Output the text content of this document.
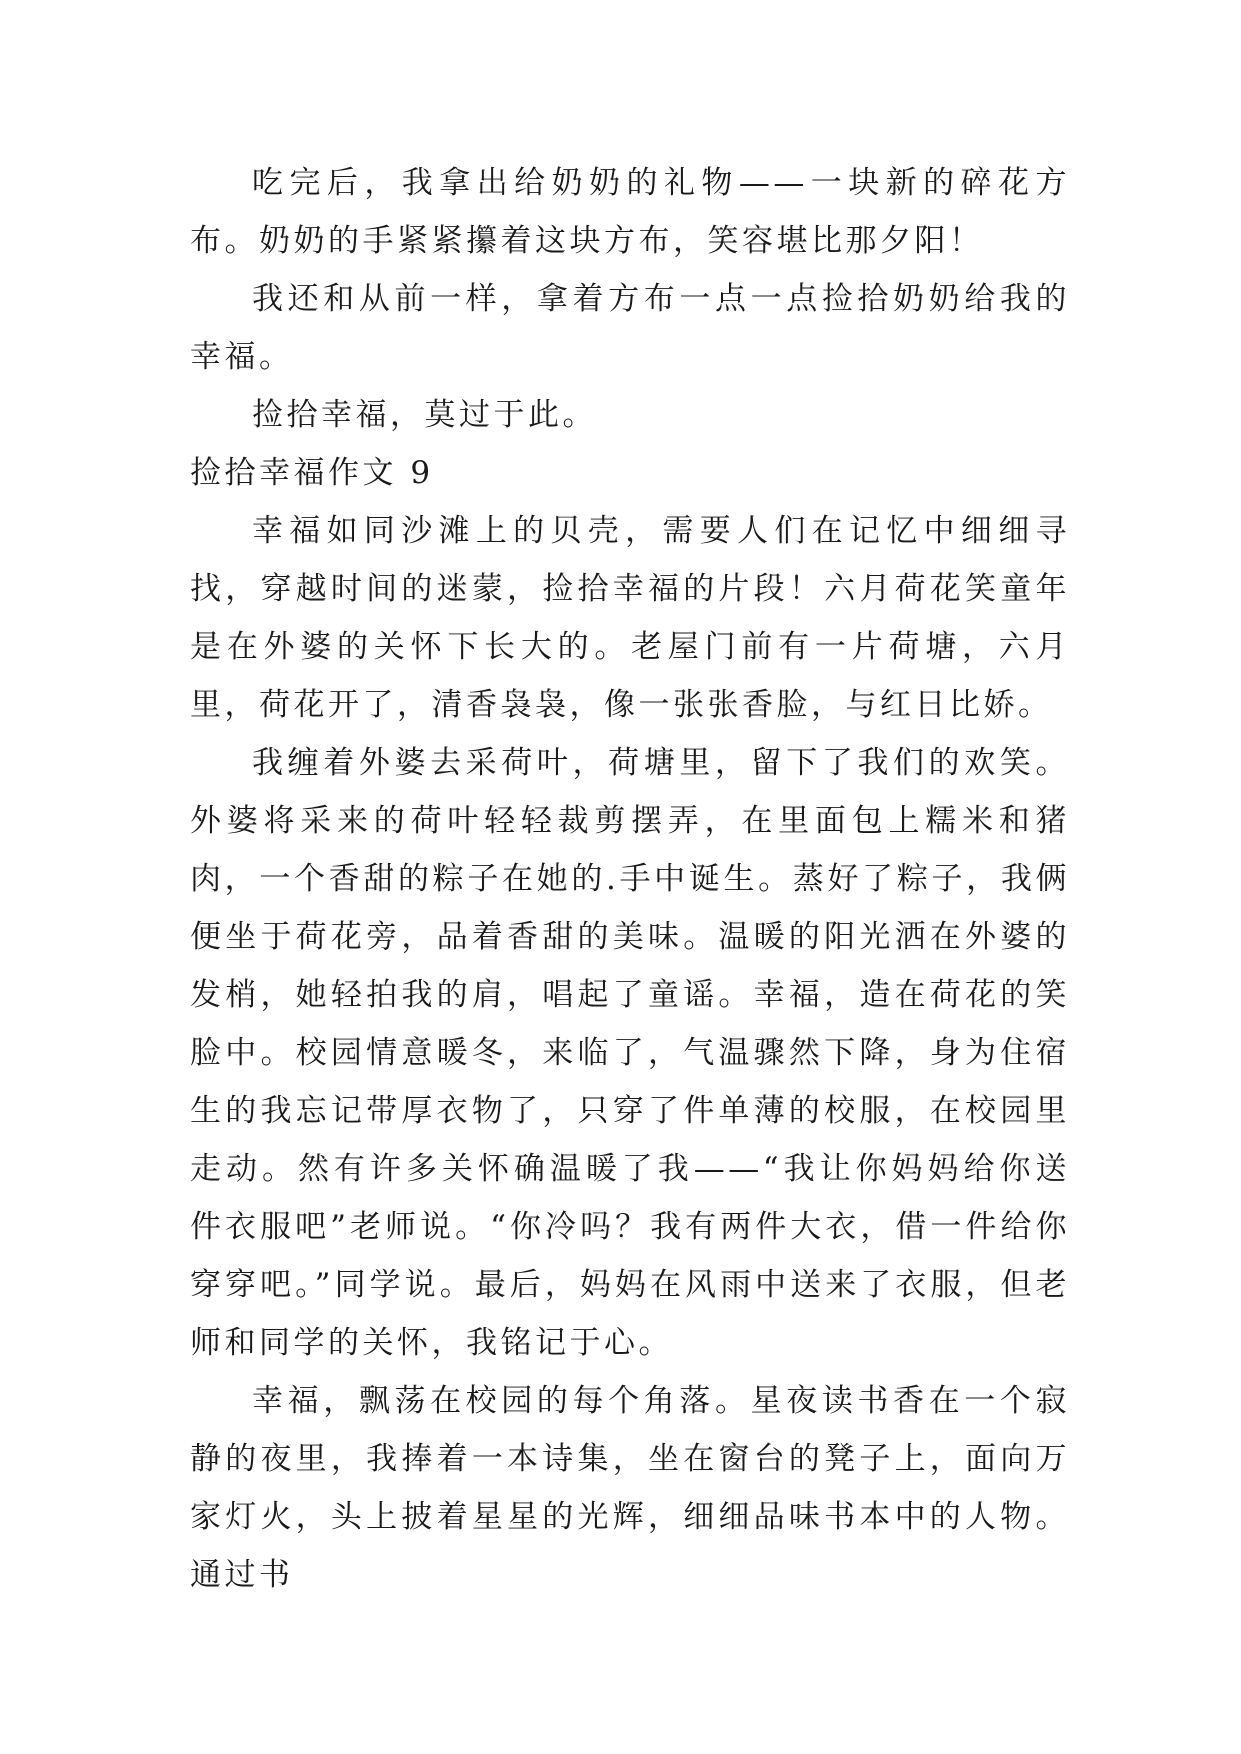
吃完后，我拿出给奶奶的礼物——一块新的碎花方布。奶奶的手紧紧攥着这块方布，笑容堪比那夕阳！

我还和从前一样，拿着方布一点一点捡拾奶奶给我的幸福。

捡拾幸福，莫过于此。

捡拾幸福作文 9

幸福如同沙滩上的贝壳，需要人们在记忆中细细寻找，穿越时间的迷蒙，捡拾幸福的片段！六月荷花笑童年是在外婆的关怀下长大的。老屋门前有一片荷塘，六月里，荷花开了，清香袅袅，像一张张香脸，与红日比娇。

我缠着外婆去采荷叶，荷塘里，留下了我们的欢笑。外婆将采来的荷叶轻轻裁剪摆弄，在里面包上糯米和猪肉，一个香甜的粽子在她的.手中诞生。蒸好了粽子，我俩便坐于荷花旁，品着香甜的美味。温暖的阳光洒在外婆的发梢，她轻拍我的肩，唱起了童谣。幸福，造在荷花的笑脸中。校园情意暖冬，来临了，气温骤然下降，身为住宿生的我忘记带厚衣物了，只穿了件单薄的校服，在校园里走动。然有许多关怀确温暖了我——“我让你妈妈给你送件衣服吧”老师说。“你冷吗？我有两件大衣，借一件给你穿穿吧。”同学说。最后，妈妈在风雨中送来了衣服，但老师和同学的关怀，我铭记于心。

幸福，飘荡在校园的每个角落。星夜读书香在一个寂静的夜里，我捧着一本诗集，坐在窗台的凳子上，面向万家灯火，头上披着星星的光辉，细细品味书本中的人物。通过书
